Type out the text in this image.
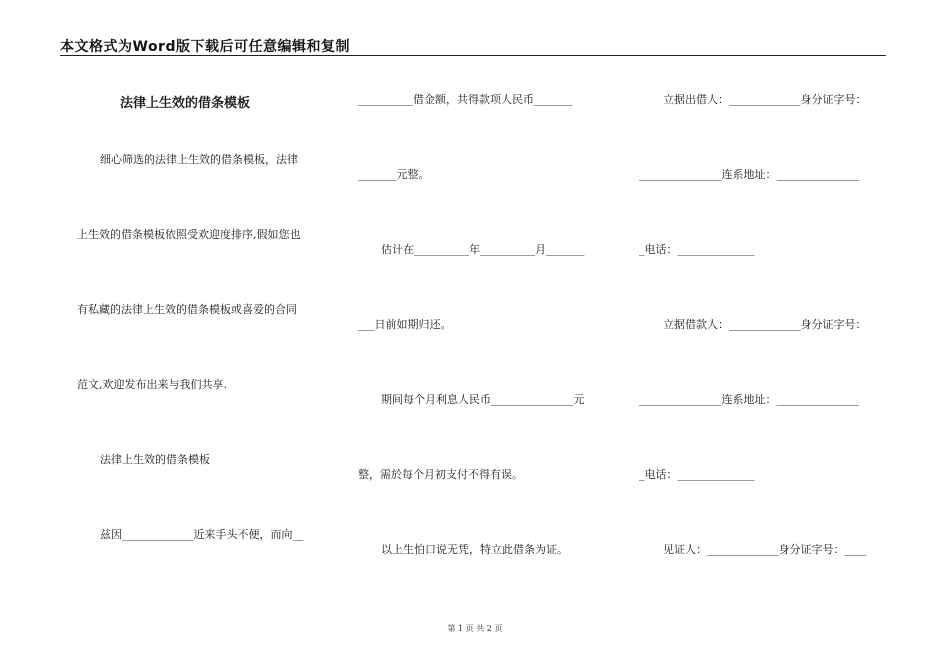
本文格式为Word版下载后可任意编辑和复制
法律上生效的借条模板
细心筛选的法律上生效的借条模板，法律
上生效的借条模板依照受欢迎度排序,假如您也
有私藏的法律上生效的借条模板或喜爱的合同
范文,欢迎发布出来与我们共享.
法律上生效的借条模板
兹因_____________近来手头不便，而向__
__________借金额，共得款项人民币_______
_______元整。
估计在__________年__________月_______
___日前如期归还。
期间每个月利息人民币_______________元
整，需於每个月初支付不得有误。
以上生怕口说无凭，特立此借条为证。
立据出借人：_____________身分证字号：
_______________连系地址：_______________
_电话：______________
立据借款人：_____________身分证字号：
_______________连系地址：_______________
_电话：______________
见证人：_____________身分证字号：____
第 1 页 共 2 页
